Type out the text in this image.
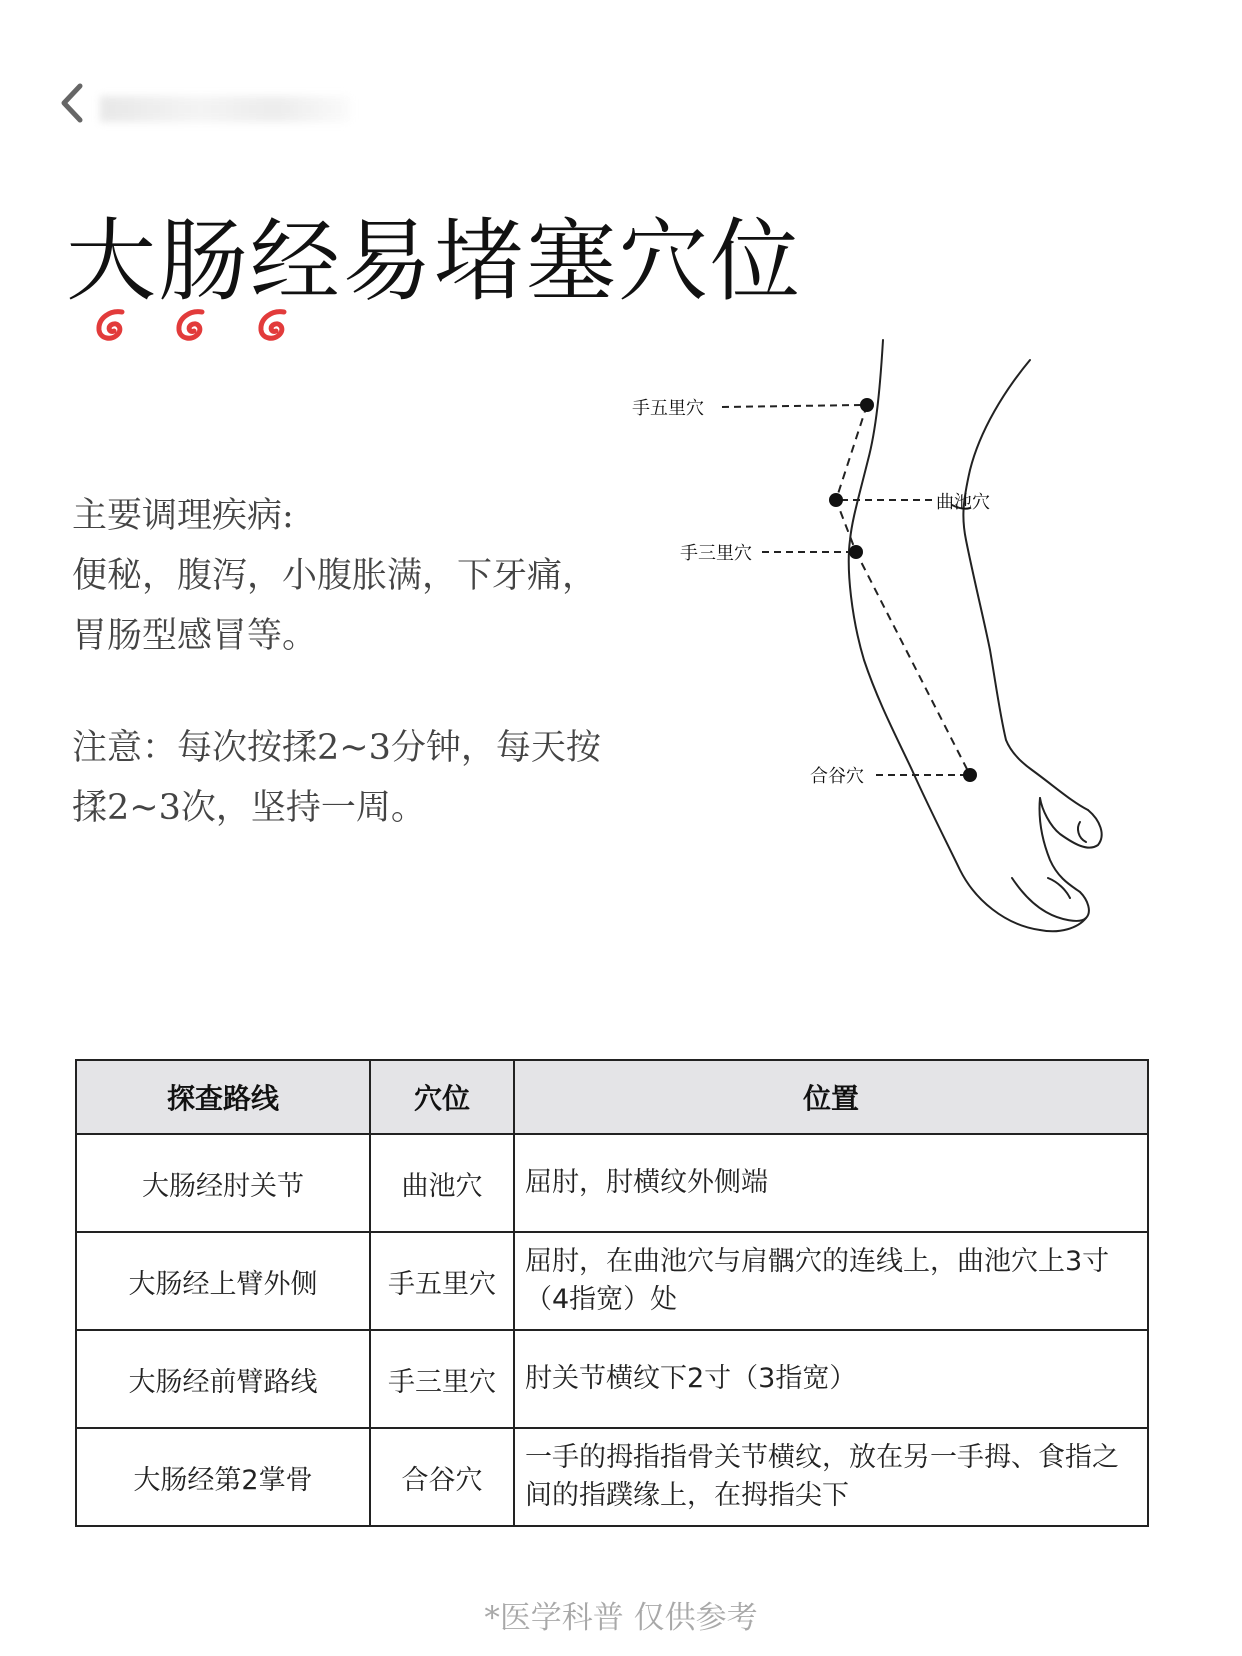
大肠经易堵塞穴位

主要调理疾病:

便秘，腹泻，小腹胀满，下牙痛，

胃肠型感冒等。

注意：每次按揉2~3分钟，每天按

揉2~3次，坚持一周。

手五里穴
曲池穴
手三里穴
合谷穴
探查路线	穴位	位置
大肠经肘关节	曲池穴	屈肘，肘横纹外侧端
大肠经上臂外侧	手五里穴	屈肘，在曲池穴与肩髃穴的连线上，曲池穴上3寸（4指宽）处
大肠经前臂路线	手三里穴	肘关节横纹下2寸（3指宽）
大肠经第2掌骨	合谷穴	一手的拇指指骨关节横纹，放在另一手拇、食指之间的指蹼缘上，在拇指尖下
*医学科普 仅供参考
